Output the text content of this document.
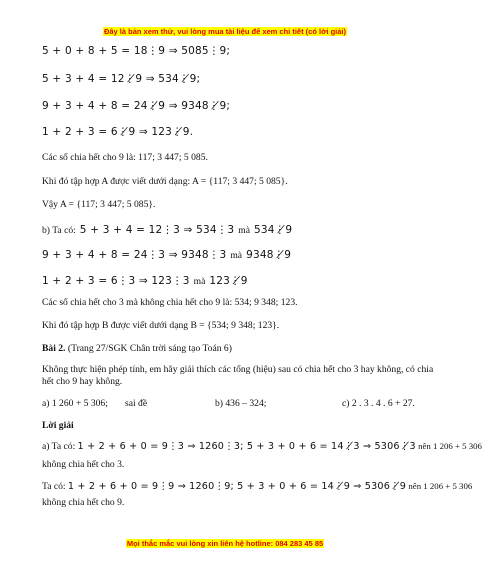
Đây là bản xem thử, vui lòng mua tài liệu để xem chi tiết (có lời giải)
5 + 0 + 8 + 5 = 18⋮9 ⇒ 5085⋮9;
5 + 3 + 4 = 12⋮̸9 ⇒ 534⋮̸9;
9 + 3 + 4 + 8 = 24⋮̸9 ⇒ 9348⋮̸9;
1 + 2 + 3 = 6⋮̸9 ⇒ 123⋮̸9.
Các số chia hết cho 9 là: 117; 3 447; 5 085.
Khi đó tập hợp A được viết dưới dạng: A = {117; 3 447; 5 085}.
Vậy A = {117; 3 447; 5 085}.
b) Ta có: 5 + 3 + 4 = 12⋮3 ⇒ 534⋮3 mà 534⋮̸9
9 + 3 + 4 + 8 = 24⋮3 ⇒ 9348⋮3 mà 9348⋮̸9
1 + 2 + 3 = 6⋮3 ⇒ 123⋮3 mà 123⋮̸9
Các số chia hết cho 3 mà không chia hết cho 9 là: 534; 9 348; 123.
Khi đó tập hợp B được viết dưới dạng B = {534; 9 348; 123}.
Bài 2. (Trang 27/SGK Chân trời sáng tạo Toán 6)
Không thực hiện phép tính, em hãy giải thích các tổng (hiệu) sau có chia hết cho 3 hay không, có chia hết cho 9 hay không.
a) 1 260 + 5 306; sai đề	b) 436 – 324;	c) 2 . 3 . 4 . 6 + 27.
Lời giải
a) Ta có: 1 + 2 + 6 + 0 = 9⋮3 ⇒ 1260⋮3; 5 + 3 + 0 + 6 = 14⋮̸3 ⇒ 5306⋮̸3 nên 1 206 + 5 306
không chia hết cho 3.
Ta có: 1 + 2 + 6 + 0 = 9⋮9 ⇒ 1260⋮9; 5 + 3 + 0 + 6 = 14⋮̸9 ⇒ 5306⋮̸9 nên 1 206 + 5 306
không chia hết cho 9.
Mọi thắc mắc vui lòng xin liên hệ hotline: 084 283 45 85
